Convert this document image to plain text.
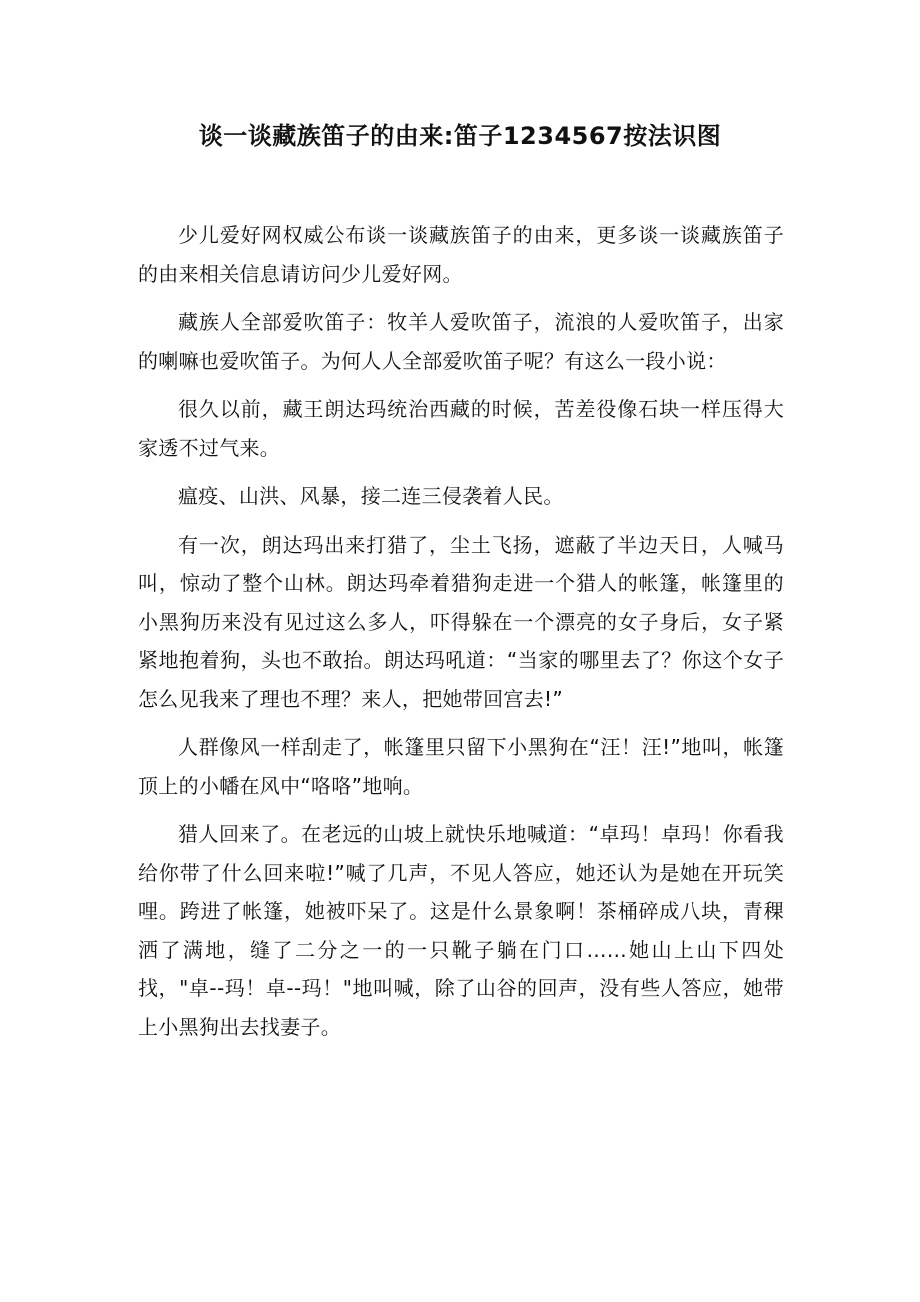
谈一谈藏族笛子的由来:笛子1234567按法识图

少儿爱好网权威公布谈一谈藏族笛子的由来，更多谈一谈藏族笛子的由来相关信息请访问少儿爱好网。

藏族人全部爱吹笛子：牧羊人爱吹笛子，流浪的人爱吹笛子，出家的喇嘛也爱吹笛子。为何人人全部爱吹笛子呢？有这么一段小说：

很久以前，藏王朗达玛统治西藏的时候，苦差役像石块一样压得大家透不过气来。

瘟疫、山洪、风暴，接二连三侵袭着人民。

有一次，朗达玛出来打猎了，尘土飞扬，遮蔽了半边天日，人喊马叫，惊动了整个山林。朗达玛牵着猎狗走进一个猎人的帐篷，帐篷里的小黑狗历来没有见过这么多人，吓得躲在一个漂亮的女子身后，女子紧紧地抱着狗，头也不敢抬。朗达玛吼道：“当家的哪里去了？你这个女子怎么见我来了理也不理？来人，把她带回宫去!”

人群像风一样刮走了，帐篷里只留下小黑狗在“汪！汪!”地叫，帐篷顶上的小幡在风中“咯咯”地响。

猎人回来了。在老远的山坡上就快乐地喊道：“卓玛！卓玛！你看我给你带了什么回来啦!”喊了几声，不见人答应，她还认为是她在开玩笑哩。跨进了帐篷，她被吓呆了。这是什么景象啊！茶桶碎成八块，青稞洒了满地，缝了二分之一的一只靴子躺在门口……她山上山下四处找，"卓--玛！卓--玛！"地叫喊，除了山谷的回声，没有些人答应，她带上小黑狗出去找妻子。
